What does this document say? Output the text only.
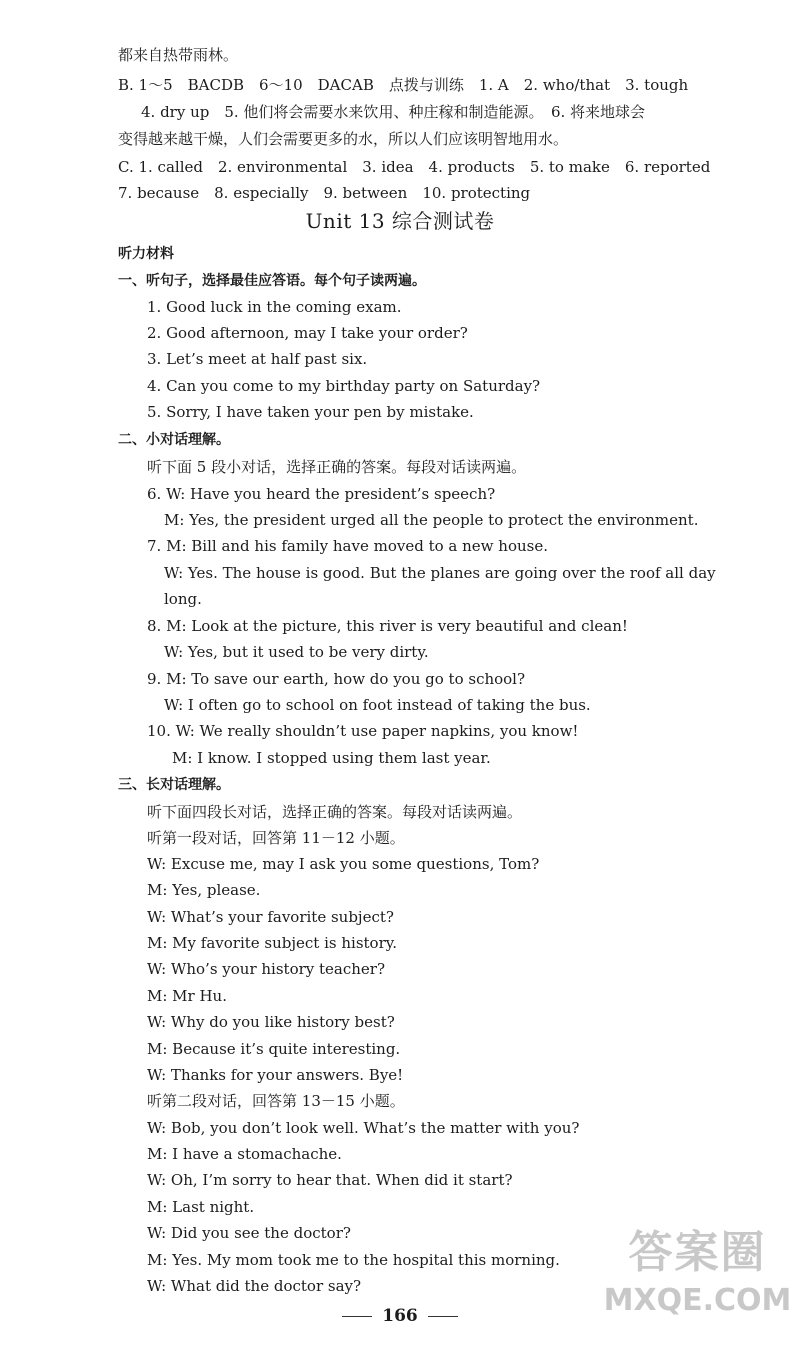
都来自热带雨林。
B. 1～5　BACDB　6～10　DACAB　点拨与训练　1. A　2. who/that　3. tough
4. dry up　5. 他们将会需要水来饮用、种庄稼和制造能源。　6. 将来地球会
变得越来越干燥，人们会需要更多的水，所以人们应该明智地用水。
C. 1. called　2. environmental　3. idea　4. products　5. to make　6. reported
7. because　8. especially　9. between　10. protecting
Unit 13 综合测试卷
听力材料
一、听句子，选择最佳应答语。每个句子读两遍。
1. Good luck in the coming exam.
2. Good afternoon, may I take your order?
3. Let’s meet at half past six.
4. Can you come to my birthday party on Saturday?
5. Sorry, I have taken your pen by mistake.
二、小对话理解。
听下面 5 段小对话，选择正确的答案。每段对话读两遍。
6. W: Have you heard the president’s speech?
M: Yes, the president urged all the people to protect the environment.
7. M: Bill and his family have moved to a new house.
W: Yes. The house is good. But the planes are going over the roof all day
long.
8. M: Look at the picture, this river is very beautiful and clean!
W: Yes, but it used to be very dirty.
9. M: To save our earth, how do you go to school?
W: I often go to school on foot instead of taking the bus.
10. W: We really shouldn’t use paper napkins, you know!
M: I know. I stopped using them last year.
三、长对话理解。
听下面四段长对话，选择正确的答案。每段对话读两遍。
听第一段对话，回答第 11－12 小题。
W: Excuse me, may I ask you some questions, Tom?
M: Yes, please.
W: What’s your favorite subject?
M: My favorite subject is history.
W: Who’s your history teacher?
M: Mr Hu.
W: Why do you like history best?
M: Because it’s quite interesting.
W: Thanks for your answers. Bye!
听第二段对话，回答第 13－15 小题。
W: Bob, you don’t look well. What’s the matter with you?
M: I have a stomachache.
W: Oh, I’m sorry to hear that. When did it start?
M: Last night.
W: Did you see the doctor?
M: Yes. My mom took me to the hospital this morning.
W: What did the doctor say?
166
答案圈
MXQE.COM
